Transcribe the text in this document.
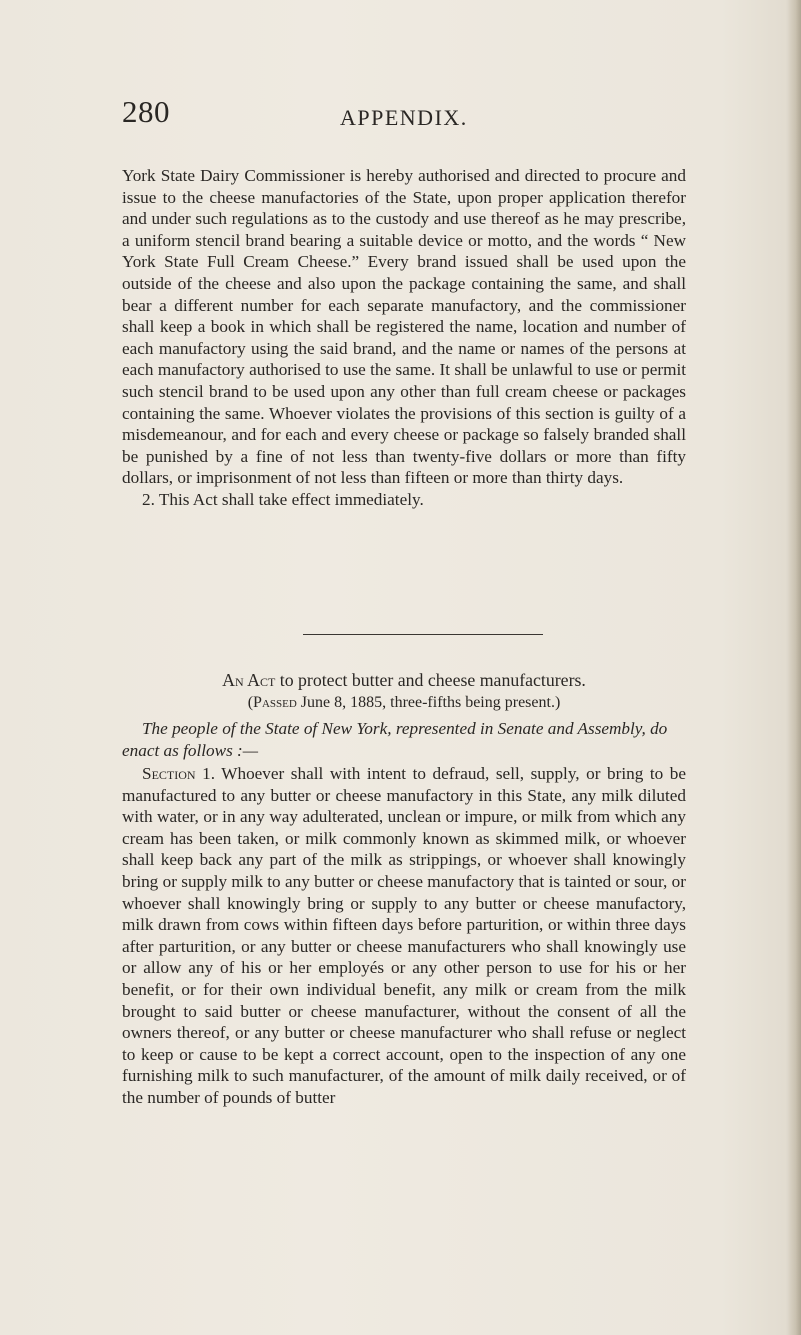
280	APPENDIX.

York State Dairy Commissioner is hereby authorised and directed to procure and issue to the cheese manufactories of the State, upon proper application therefor and under such regulations as to the custody and use thereof as he may prescribe, a uniform stencil brand bearing a suitable device or motto, and the words “ New York State Full Cream Cheese.” Every brand issued shall be used upon the outside of the cheese and also upon the package containing the same, and shall bear a different number for each separate manufactory, and the commissioner shall keep a book in which shall be registered the name, location and number of each manufactory using the said brand, and the name or names of the persons at each manufactory authorised to use the same. It shall be unlawful to use or permit such stencil brand to be used upon any other than full cream cheese or packages containing the same. Whoever violates the provisions of this section is guilty of a misdemeanour, and for each and every cheese or package so falsely branded shall be punished by a fine of not less than twenty-five dollars or more than fifty dollars, or imprisonment of not less than fifteen or more than thirty days.

2. This Act shall take effect immediately.

An Act to protect butter and cheese manufacturers.
(Passed June 8, 1885, three-fifths being present.)
The people of the State of New York, represented in Senate and Assembly, do enact as follows :—

Section 1. Whoever shall with intent to defraud, sell, supply, or bring to be manufactured to any butter or cheese manufactory in this State, any milk diluted with water, or in any way adulterated, unclean or impure, or milk from which any cream has been taken, or milk commonly known as skimmed milk, or whoever shall keep back any part of the milk as strippings, or whoever shall knowingly bring or supply milk to any butter or cheese manufactory that is tainted or sour, or whoever shall knowingly bring or supply to any butter or cheese manufactory, milk drawn from cows within fifteen days before parturition, or within three days after parturition, or any butter or cheese manufacturers who shall knowingly use or allow any of his or her employés or any other person to use for his or her benefit, or for their own individual benefit, any milk or cream from the milk brought to said butter or cheese manufacturer, without the consent of all the owners thereof, or any butter or cheese manufacturer who shall refuse or neglect to keep or cause to be kept a correct account, open to the inspection of any one furnishing milk to such manufacturer, of the amount of milk daily received, or of the number of pounds of butter
